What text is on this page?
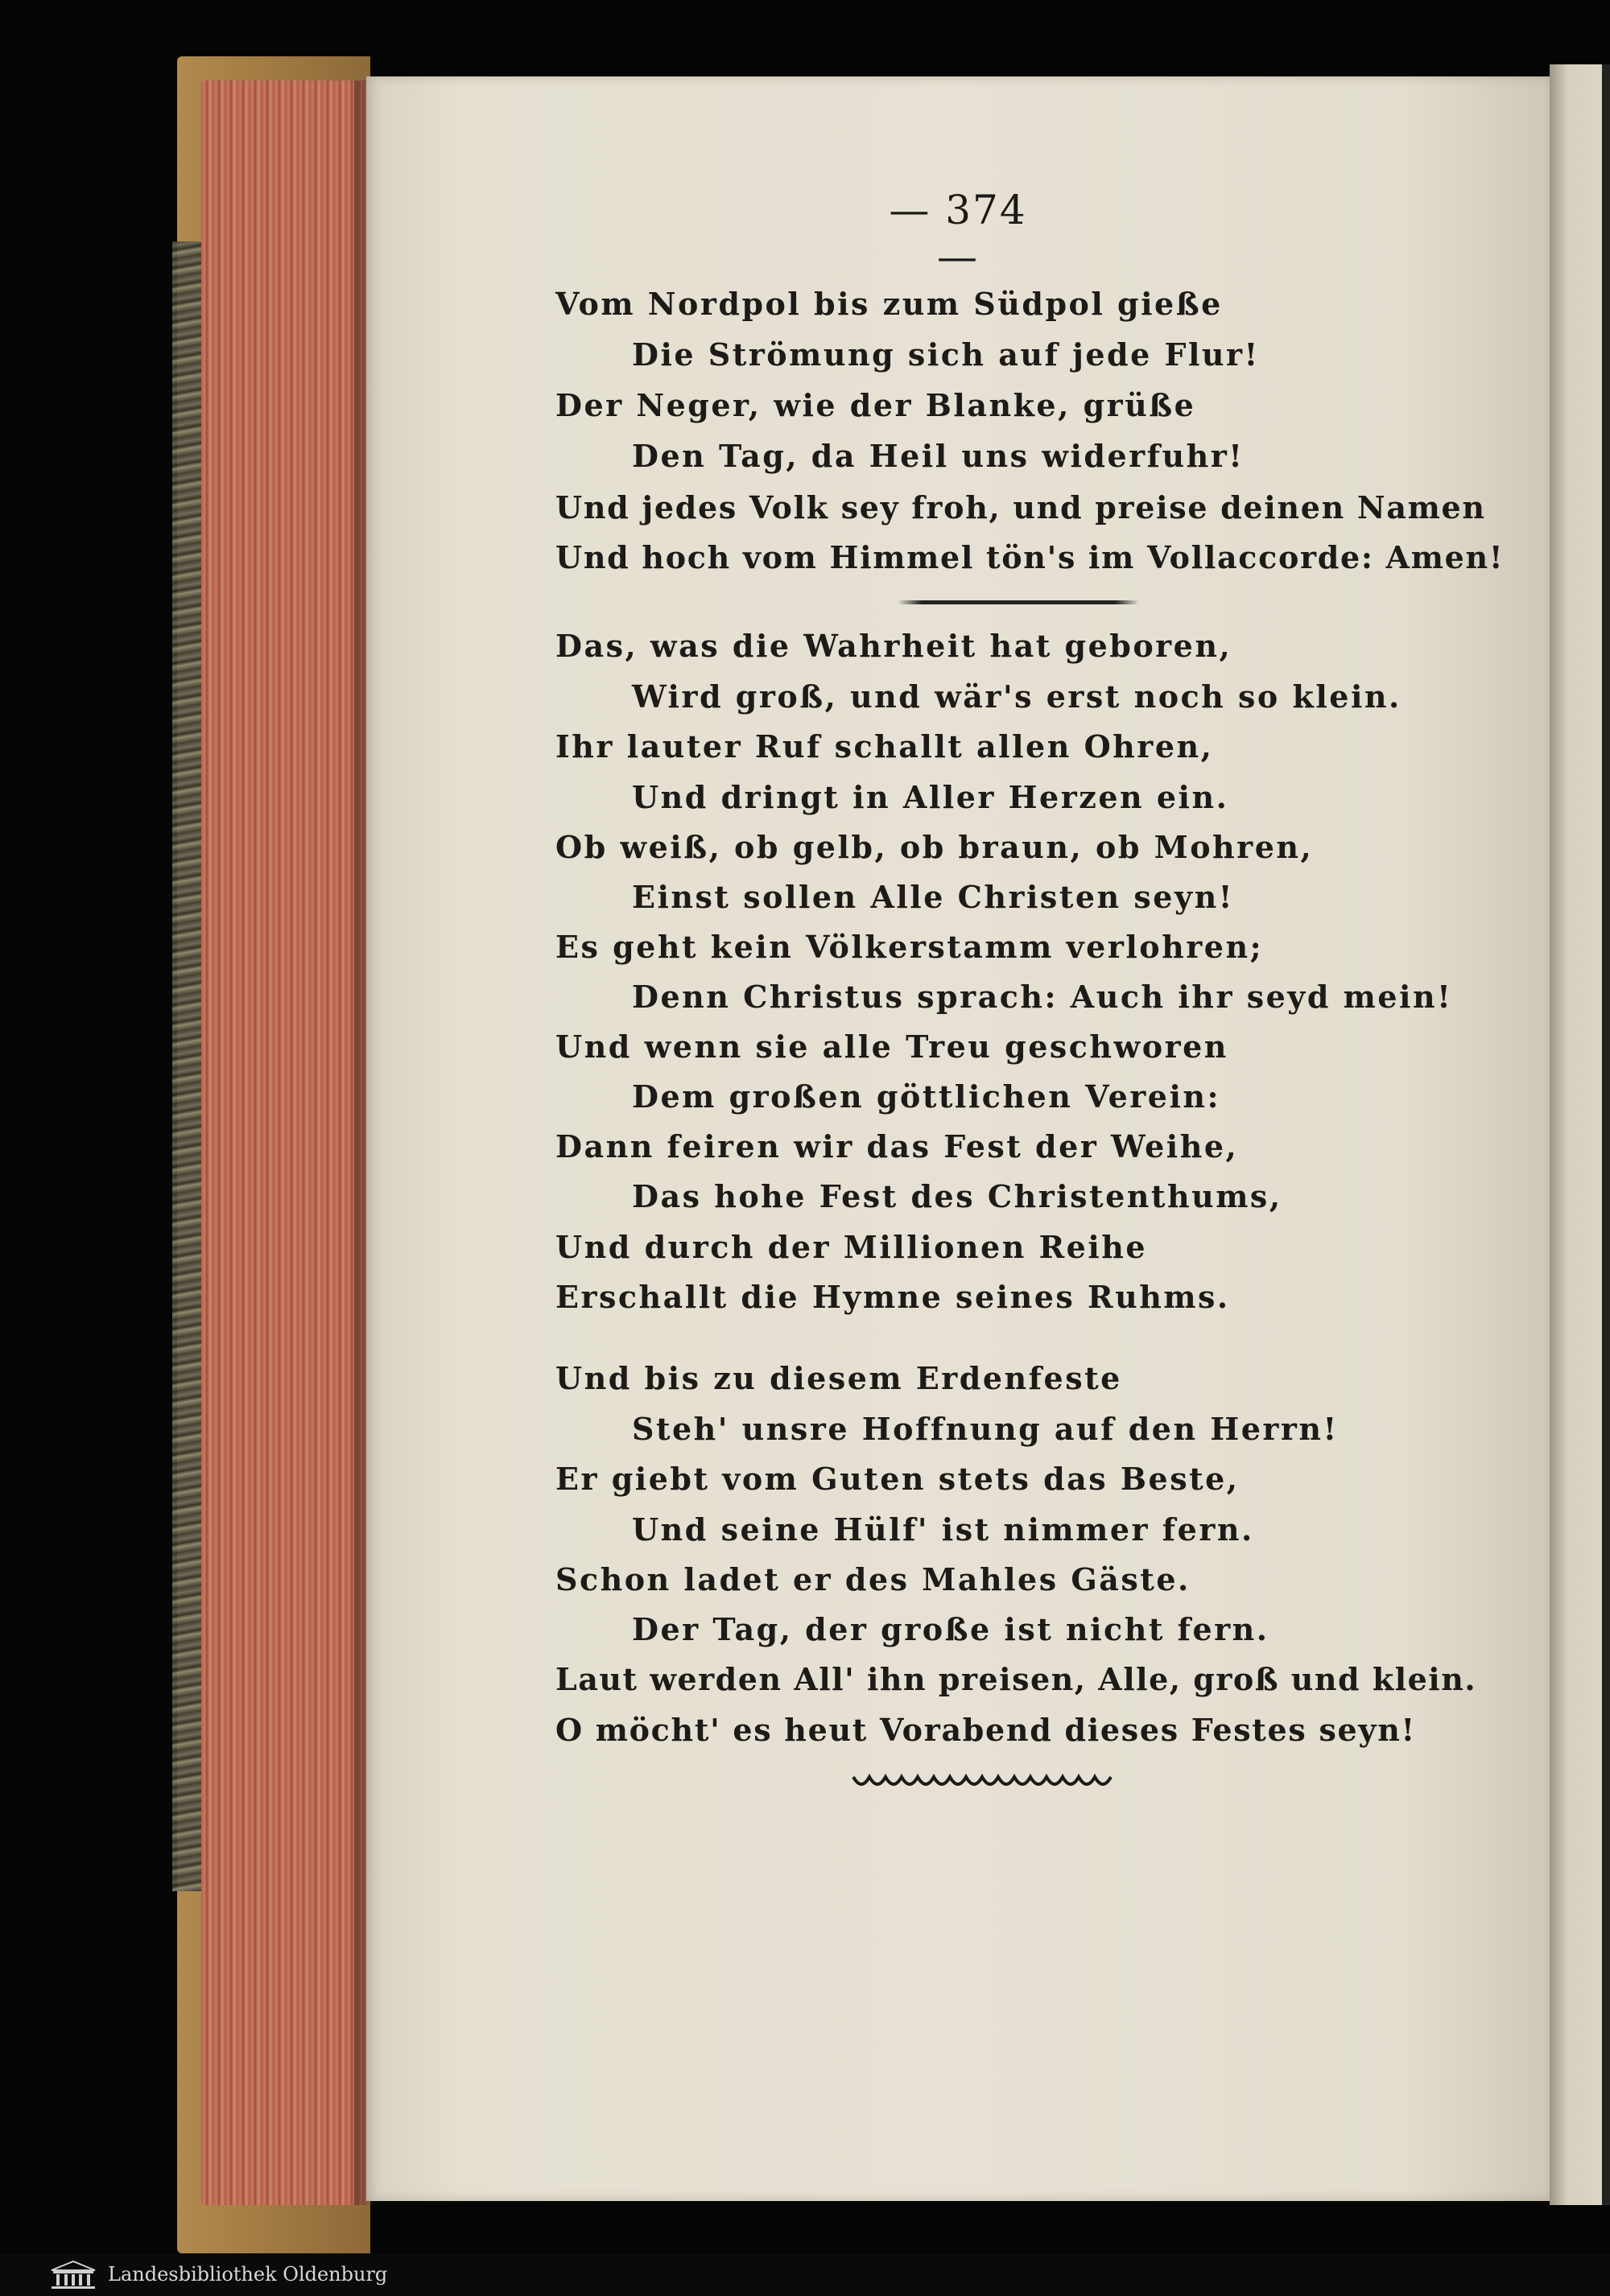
— 374 —
Vom Nordpol bis zum Südpol gieße
Die Strömung sich auf jede Flur!
Der Neger, wie der Blanke, grüße
Den Tag, da Heil uns widerfuhr!
Und jedes Volk sey froh, und preise deinen Namen
Und hoch vom Himmel tön's im Vollaccorde: Amen!
Das, was die Wahrheit hat geboren,
Wird groß, und wär's erst noch so klein.
Ihr lauter Ruf schallt allen Ohren,
Und dringt in Aller Herzen ein.
Ob weiß, ob gelb, ob braun, ob Mohren,
Einst sollen Alle Christen seyn!
Es geht kein Völkerstamm verlohren;
Denn Christus sprach: Auch ihr seyd mein!
Und wenn sie alle Treu geschworen
Dem großen göttlichen Verein:
Dann feiren wir das Fest der Weihe,
Das hohe Fest des Christenthums,
Und durch der Millionen Reihe
Erschallt die Hymne seines Ruhms.
Und bis zu diesem Erdenfeste
Steh' unsre Hoffnung auf den Herrn!
Er giebt vom Guten stets das Beste,
Und seine Hülf' ist nimmer fern.
Schon ladet er des Mahles Gäste.
Der Tag, der große ist nicht fern.
Laut werden All' ihn preisen, Alle, groß und klein.
O möcht' es heut Vorabend dieses Festes seyn!
Landesbibliothek Oldenburg
